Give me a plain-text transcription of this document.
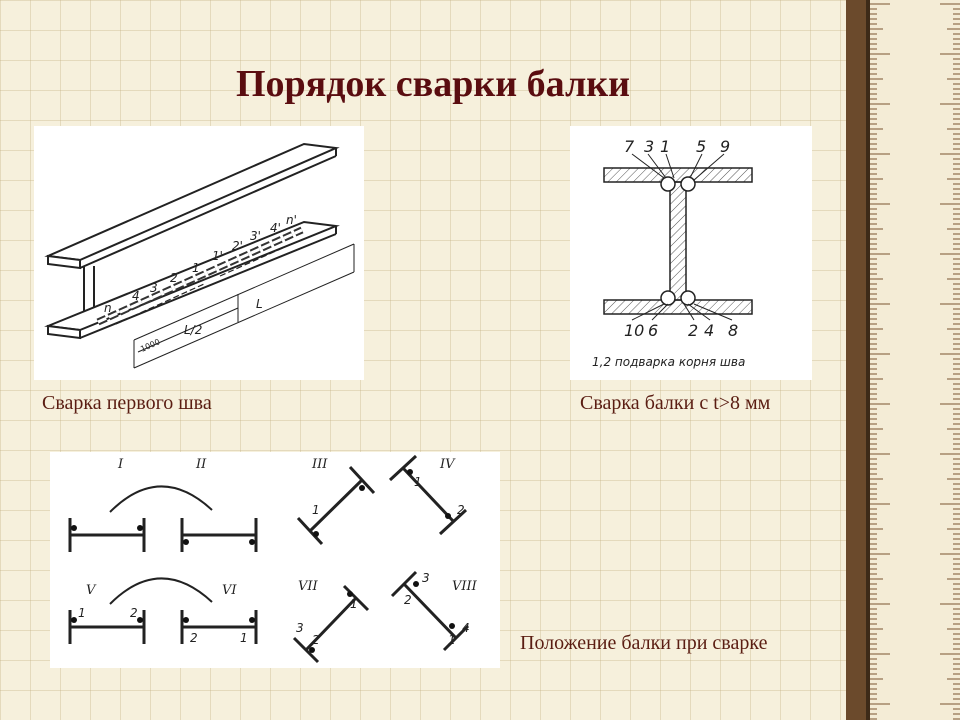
Порядок сварки балки
n
4
3
2
1
1'
2'
3'
4'
n'
L/2
L
1000
7 3 1 5 9
10 6 2 4 8
1,2 подварка корня шва
I	II	III	IV
V	VI	VII	VIII
1	2
2	1
1	2
1
3
2
1
3
2
4
1
Сварка первого шва	Сварка балки с t>8 мм
Положение балки при сварке
